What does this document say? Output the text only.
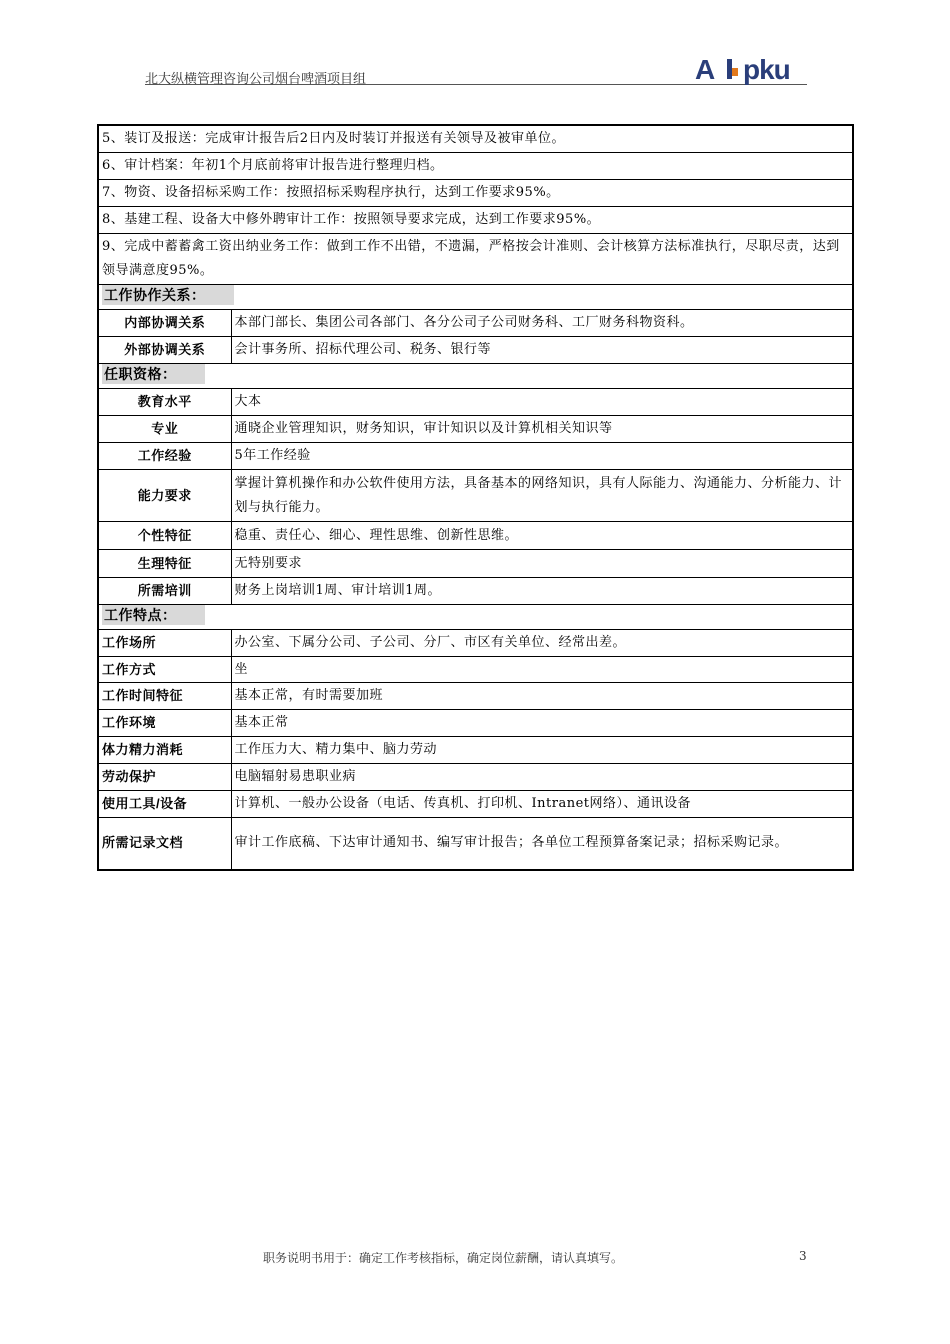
北大纵横管理咨询公司烟台啤酒项目组	A pku
5、装订及报送：完成审计报告后2日内及时装订并报送有关领导及被审单位。	
6、审计档案：年初1个月底前将审计报告进行整理归档。	
7、物资、设备招标采购工作：按照招标采购程序执行，达到工作要求95%。	
8、基建工程、设备大中修外聘审计工作：按照领导要求完成，达到工作要求95%。	
9、完成中蓄蓄禽工资出纳业务工作：做到工作不出错，不遗漏，严格按会计准则、会计核算方法标准执行，尽职尽责，达到领导满意度95%。	
工作协作关系：	
内部协调关系	本部门部长、集团公司各部门、各分公司子公司财务科、工厂财务科物资科。
外部协调关系	会计事务所、招标代理公司、税务、银行等
任职资格：	
教育水平	大本
专业	通晓企业管理知识，财务知识，审计知识以及计算机相关知识等
工作经验	5年工作经验
能力要求	掌握计算机操作和办公软件使用方法，具备基本的网络知识，具有人际能力、沟通能力、分析能力、计划与执行能力。
个性特征	稳重、责任心、细心、理性思维、创新性思维。
生理特征	无特别要求
所需培训	财务上岗培训1周、审计培训1周。
工作特点：	
工作场所	办公室、下属分公司、子公司、分厂、市区有关单位、经常出差。
工作方式	坐
工作时间特征	基本正常，有时需要加班
工作环境	基本正常
体力精力消耗	工作压力大、精力集中、脑力劳动
劳动保护	电脑辐射易患职业病
使用工具/设备	计算机、一般办公设备（电话、传真机、打印机、Intranet网络）、通讯设备
所需记录文档	审计工作底稿、下达审计通知书、编写审计报告；各单位工程预算备案记录；招标采购记录。
职务说明书用于：确定工作考核指标，确定岗位薪酬，请认真填写。	3
